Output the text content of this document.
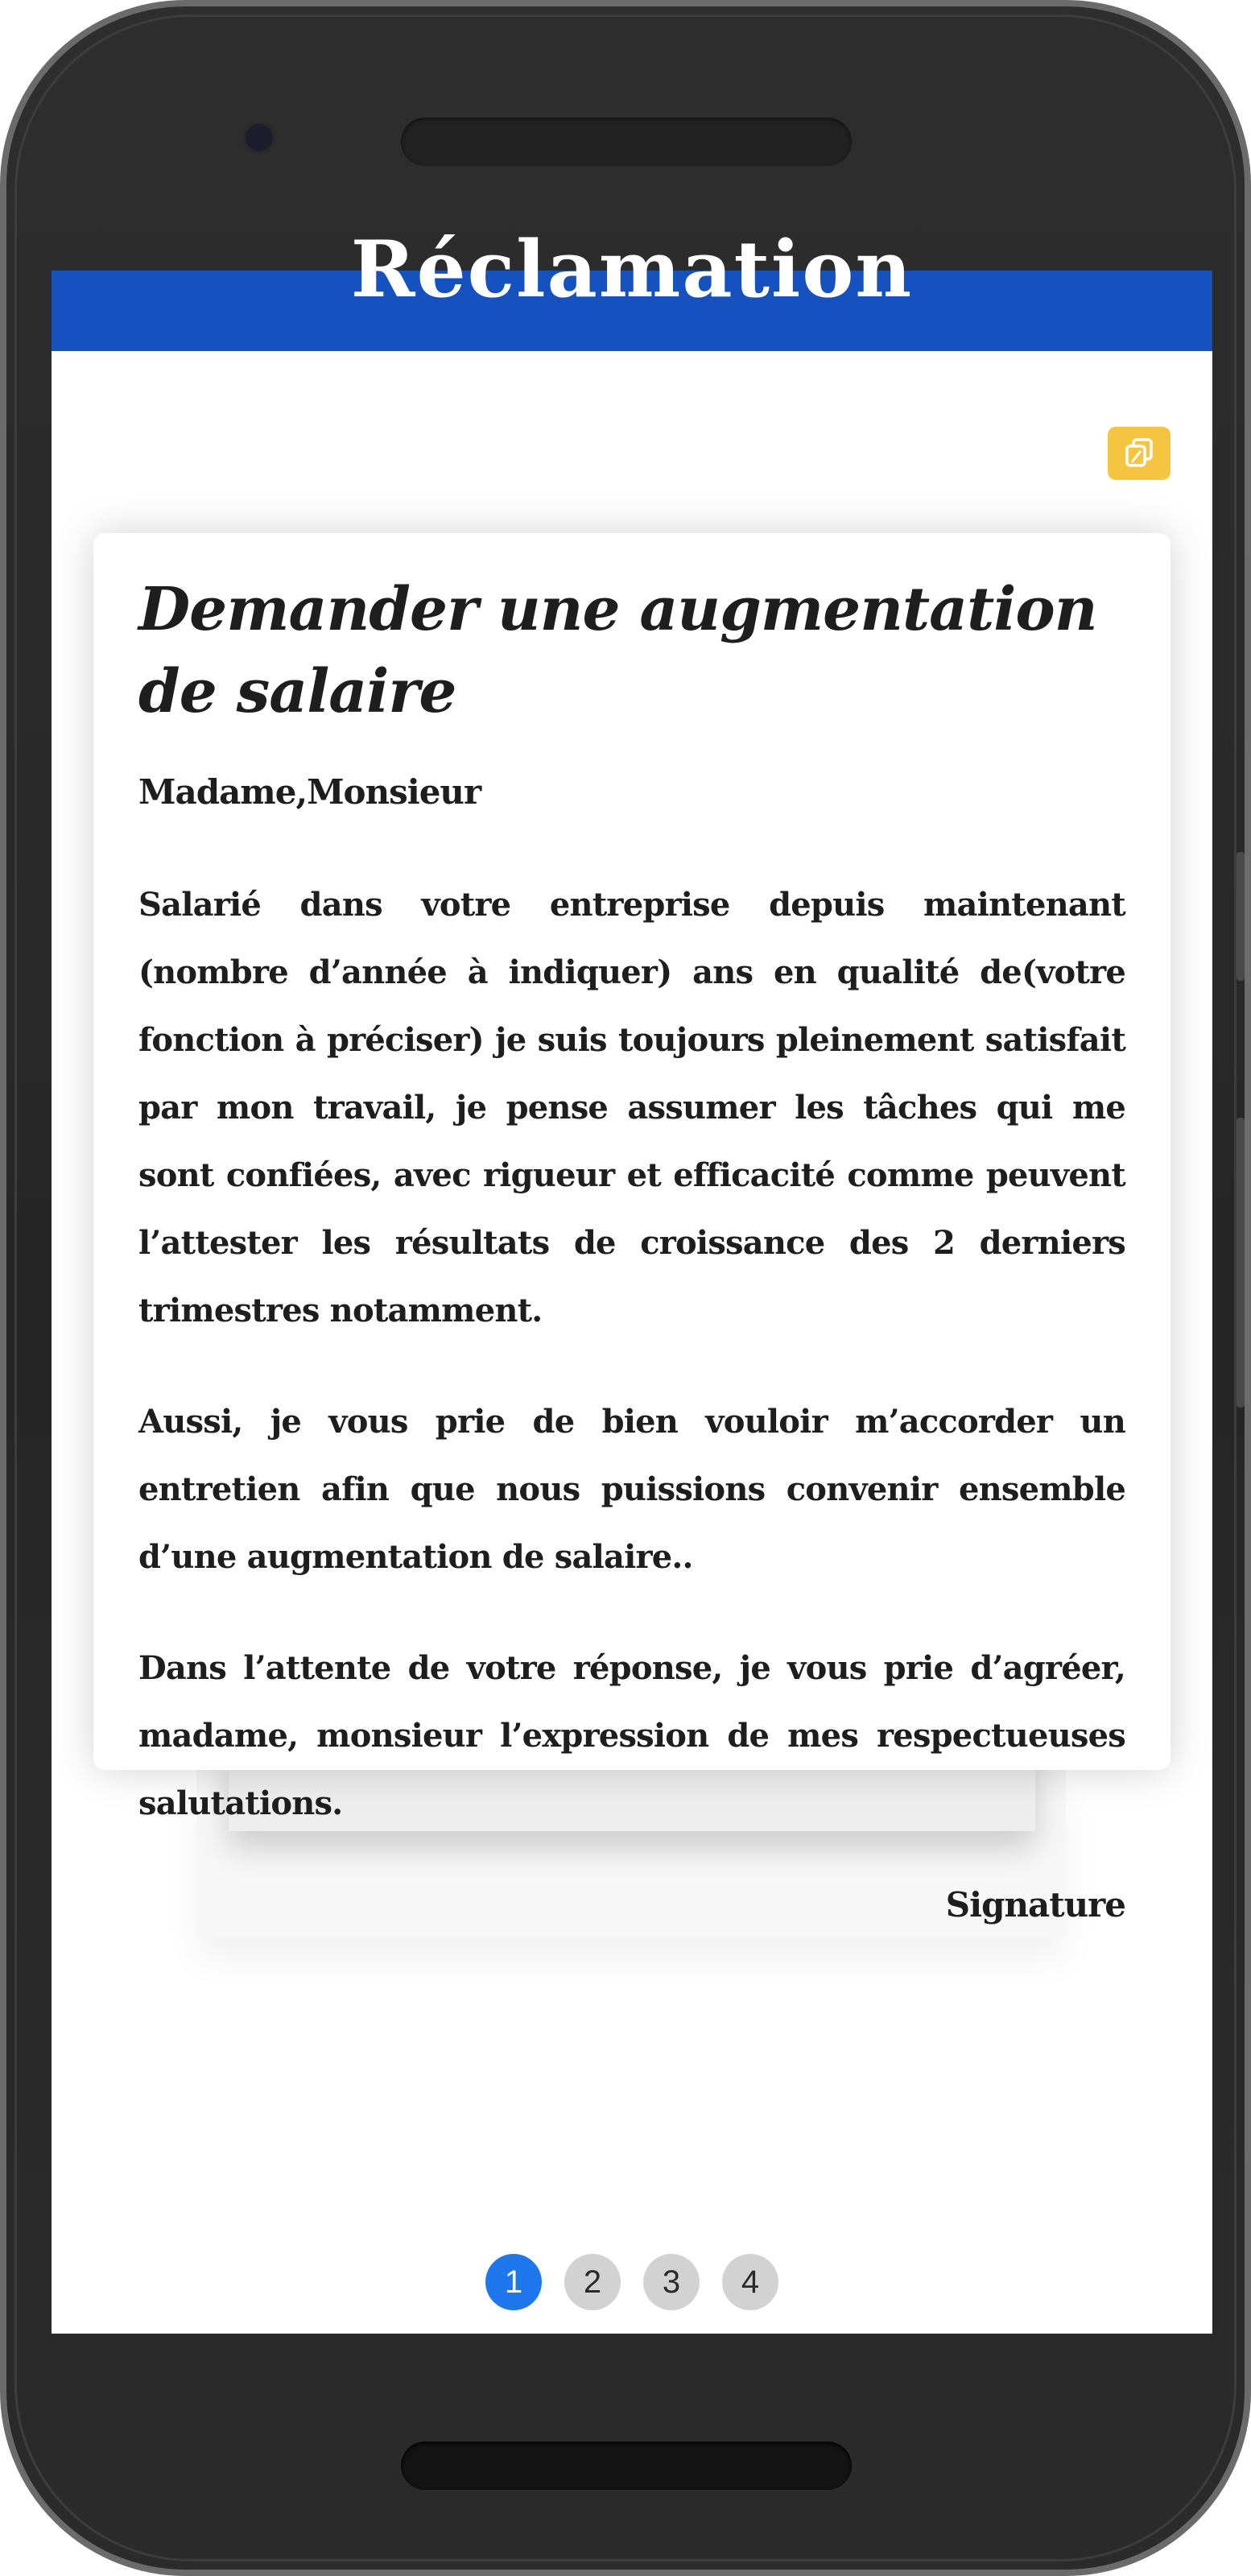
Réclamation
Demander une augmentation de salaire

Madame,Monsieur

Salarié dans votre entreprise depuis maintenant (nombre d’année à indiquer) ans en qualité de(votre fonction à préciser) je suis toujours pleinement satisfait par mon travail, je pense assumer les tâches qui me sont confiées, avec rigueur et efficacité comme peuvent l’attester les résultats de croissance des 2 derniers trimestres notamment.

Aussi, je vous prie de bien vouloir m’accorder un entretien afin que nous puissions convenir ensemble d’une augmentation de salaire..

Dans l’attente de votre réponse, je vous prie d’agréer, madame, monsieur l’expression de mes respectueuses salutations.

Signature

1	2	3	4
